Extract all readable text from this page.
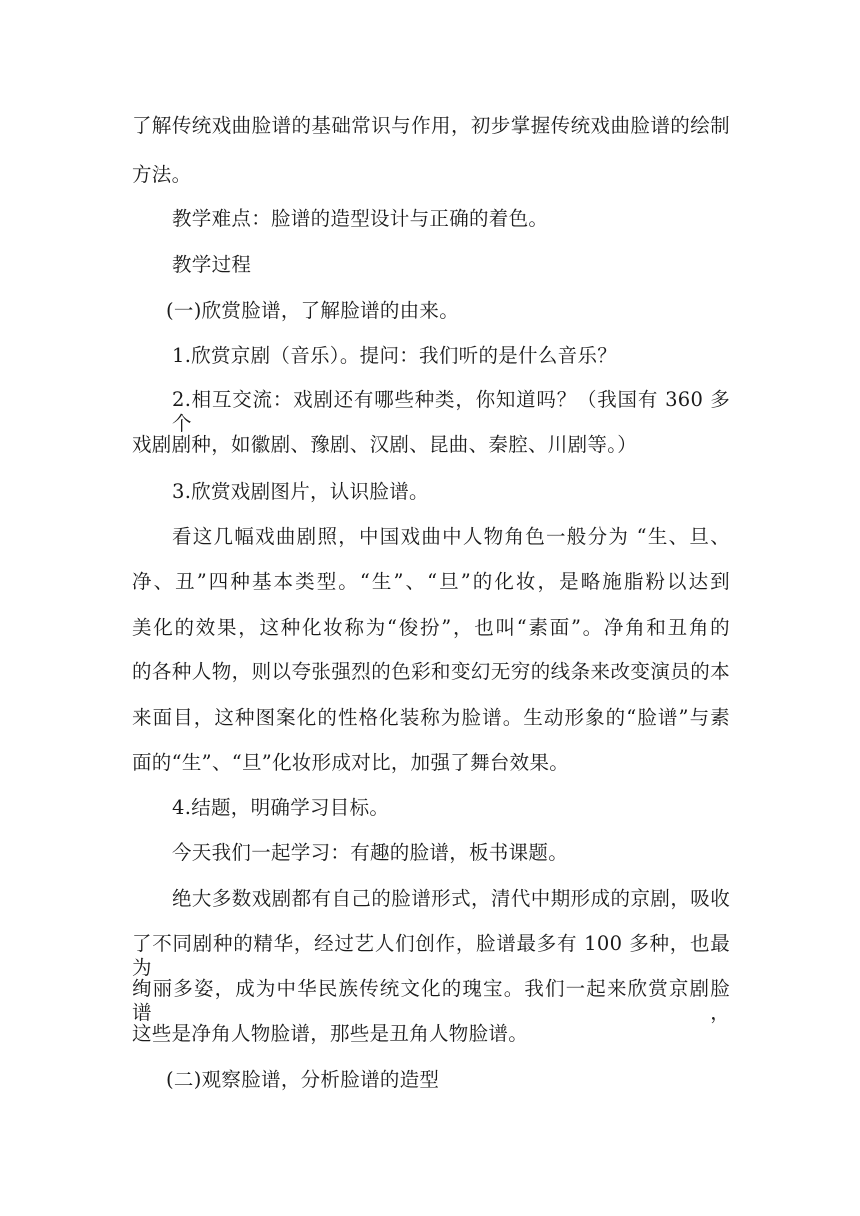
了解传统戏曲脸谱的基础常识与作用，初步掌握传统戏曲脸谱的绘制
方法。
教学难点：脸谱的造型设计与正确的着色。
教学过程
(一)欣赏脸谱，了解脸谱的由来。
1.欣赏京剧（音乐）。提问：我们听的是什么音乐？
2.相互交流：戏剧还有哪些种类，你知道吗？（我国有 360 多个
戏剧剧种，如徽剧、豫剧、汉剧、昆曲、秦腔、川剧等。）
3.欣赏戏剧图片，认识脸谱。
看这几幅戏曲剧照，中国戏曲中人物角色一般分为 “生、旦、
净、丑”四种基本类型。“生”、“旦”的化妆，是略施脂粉以达到
美化的效果，这种化妆称为“俊扮”，也叫“素面”。净角和丑角的
的各种人物，则以夸张强烈的色彩和变幻无穷的线条来改变演员的本
来面目，这种图案化的性格化装称为脸谱。生动形象的“脸谱”与素
面的“生”、“旦”化妆形成对比，加强了舞台效果。
4.结题，明确学习目标。
今天我们一起学习：有趣的脸谱，板书课题。
绝大多数戏剧都有自己的脸谱形式，清代中期形成的京剧，吸收
了不同剧种的精华，经过艺人们创作，脸谱最多有 100 多种，也最为
绚丽多姿，成为中华民族传统文化的瑰宝。我们一起来欣赏京剧脸谱，
这些是净角人物脸谱，那些是丑角人物脸谱。
(二)观察脸谱，分析脸谱的造型
